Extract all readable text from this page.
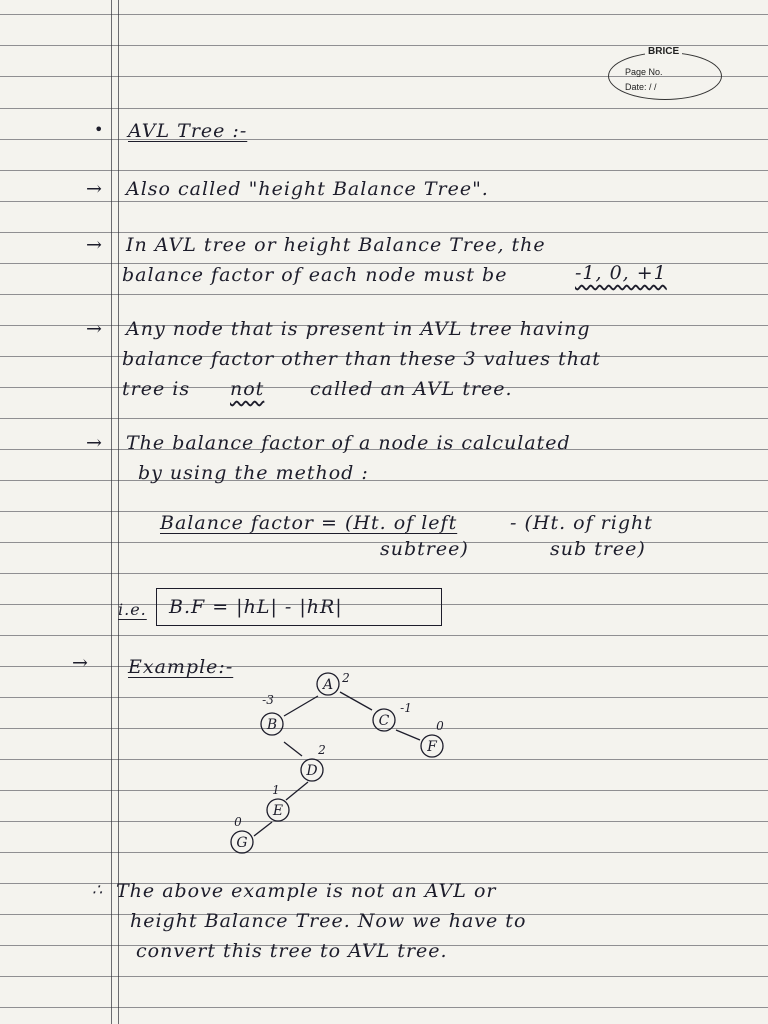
BRICE
Page No.
Date: / /
• AVL Tree :-
→ Also called "height Balance Tree".
→ In AVL tree or height Balance Tree, the
balance factor of each node must be	-1, 0, +1
→ Any node that is present in AVL tree having
balance factor other than these 3 values that
tree is not called an AVL tree.
→ The balance factor of a node is calculated
by using the method :
Balance factor = (Ht. of left
subtree)
- (Ht. of right
sub tree)
i.e. B.F = |hL| - |hR|
→ Example:-
A
B	C
D
E
F
G
2
-3
-1
2
1
0
0
∴ The above example is not an AVL or
height Balance Tree. Now we have to
convert this tree to AVL tree.
